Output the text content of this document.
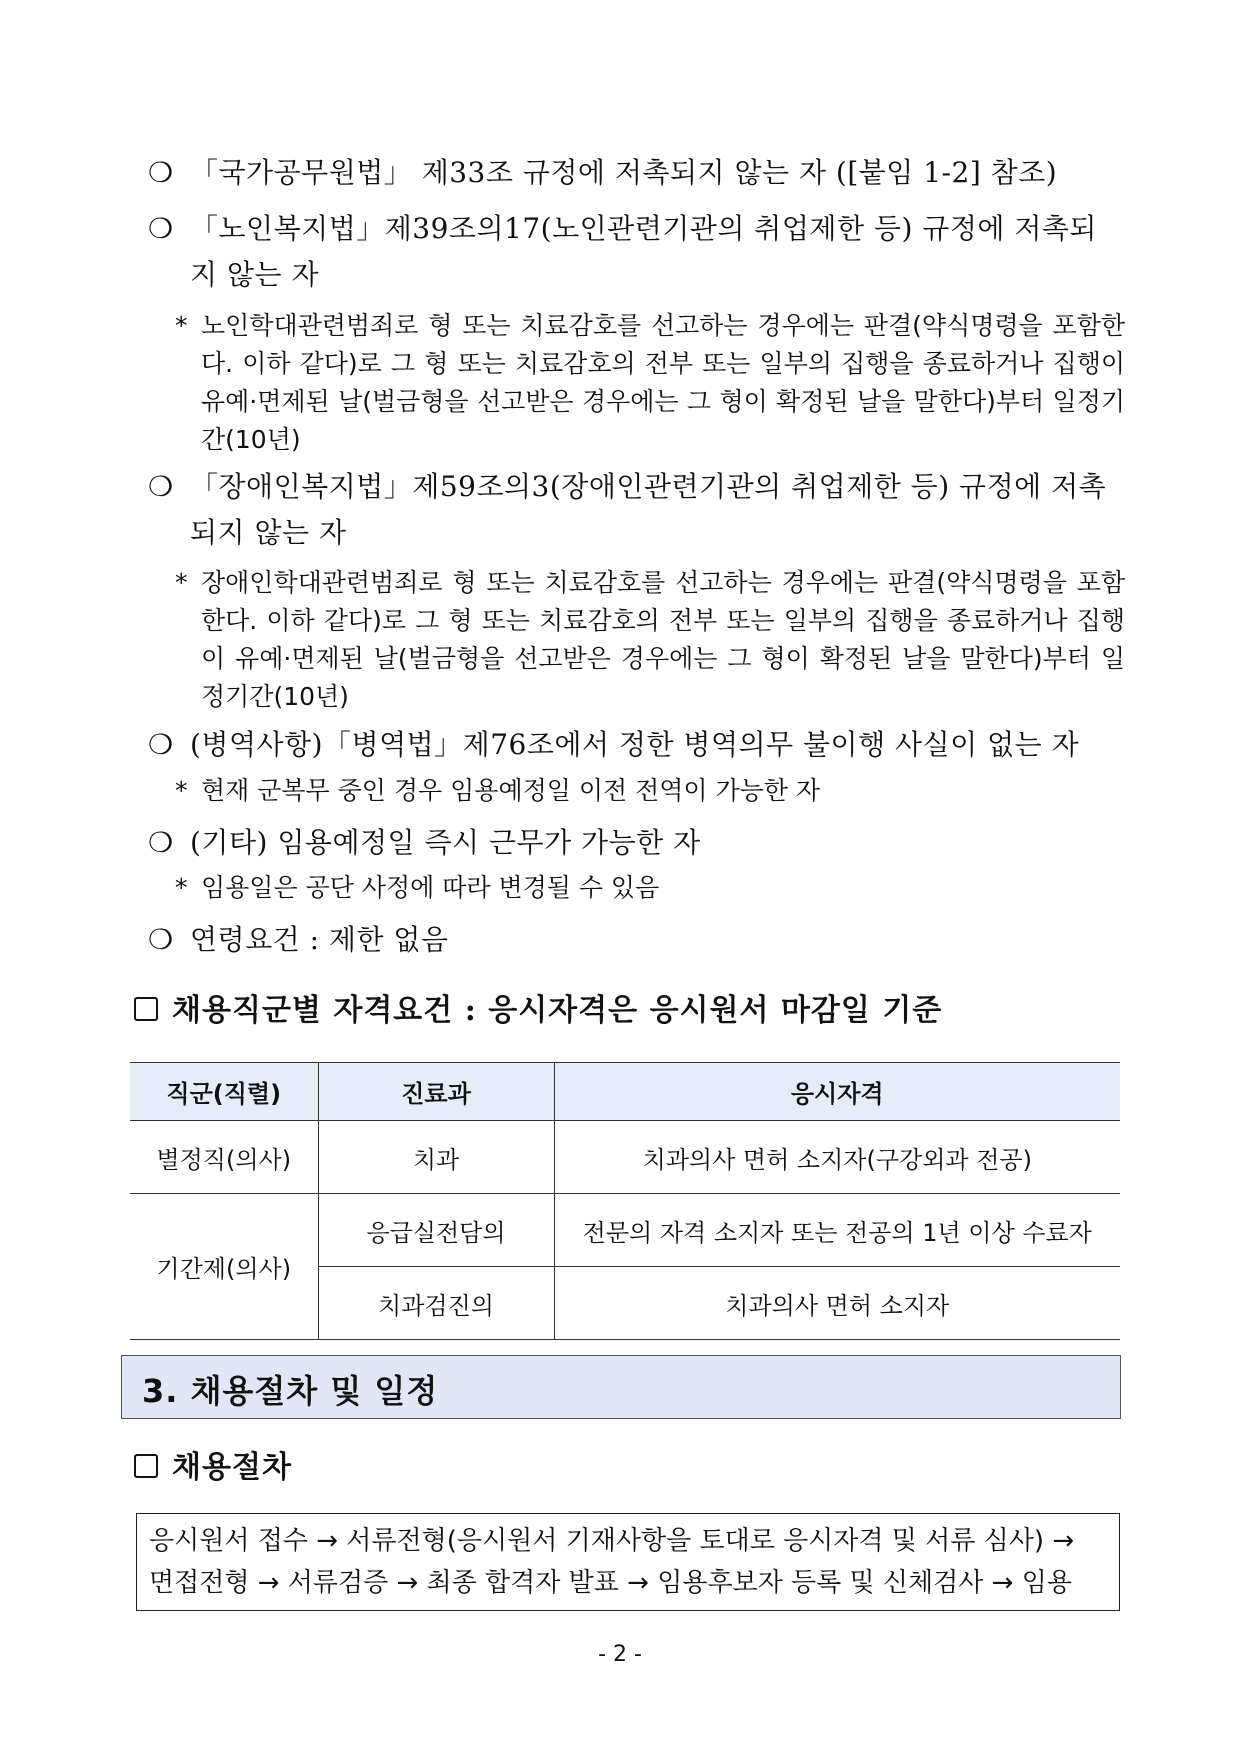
❍ 「국가공무원법」 제33조 규정에 저촉되지 않는 자 ([붙임 1-2] 참조)
❍ 「노인복지법」제39조의17(노인관련기관의 취업제한 등) 규정에 저촉되지 않는 자
* 노인학대관련범죄로 형 또는 치료감호를 선고하는 경우에는 판결(약식명령을 포함한다. 이하 같다)로 그 형 또는 치료감호의 전부 또는 일부의 집행을 종료하거나 집행이 유예·면제된 날(벌금형을 선고받은 경우에는 그 형이 확정된 날을 말한다)부터 일정기간(10년)
❍ 「장애인복지법」제59조의3(장애인관련기관의 취업제한 등) 규정에 저촉되지 않는 자
* 장애인학대관련범죄로 형 또는 치료감호를 선고하는 경우에는 판결(약식명령을 포함한다. 이하 같다)로 그 형 또는 치료감호의 전부 또는 일부의 집행을 종료하거나 집행이 유예·면제된 날(벌금형을 선고받은 경우에는 그 형이 확정된 날을 말한다)부터 일정기간(10년)
❍ (병역사항)「병역법」제76조에서 정한 병역의무 불이행 사실이 없는 자
* 현재 군복무 중인 경우 임용예정일 이전 전역이 가능한 자
❍ (기타) 임용예정일 즉시 근무가 가능한 자
* 임용일은 공단 사정에 따라 변경될 수 있음
❍ 연령요건 : 제한 없음
채용직군별 자격요건 : 응시자격은 응시원서 마감일 기준
직군(직렬)	진료과	응시자격
별정직(의사)	치과	치과의사 면허 소지자(구강외과 전공)
기간제(의사)	응급실전담의	전문의 자격 소지자 또는 전공의 1년 이상 수료자
	치과검진의	치과의사 면허 소지자
3. 채용절차 및 일정
채용절차
응시원서 접수 → 서류전형(응시원서 기재사항을 토대로 응시자격 및 서류 심사) →
면접전형 → 서류검증 → 최종 합격자 발표 → 임용후보자 등록 및 신체검사 → 임용
- 2 -
